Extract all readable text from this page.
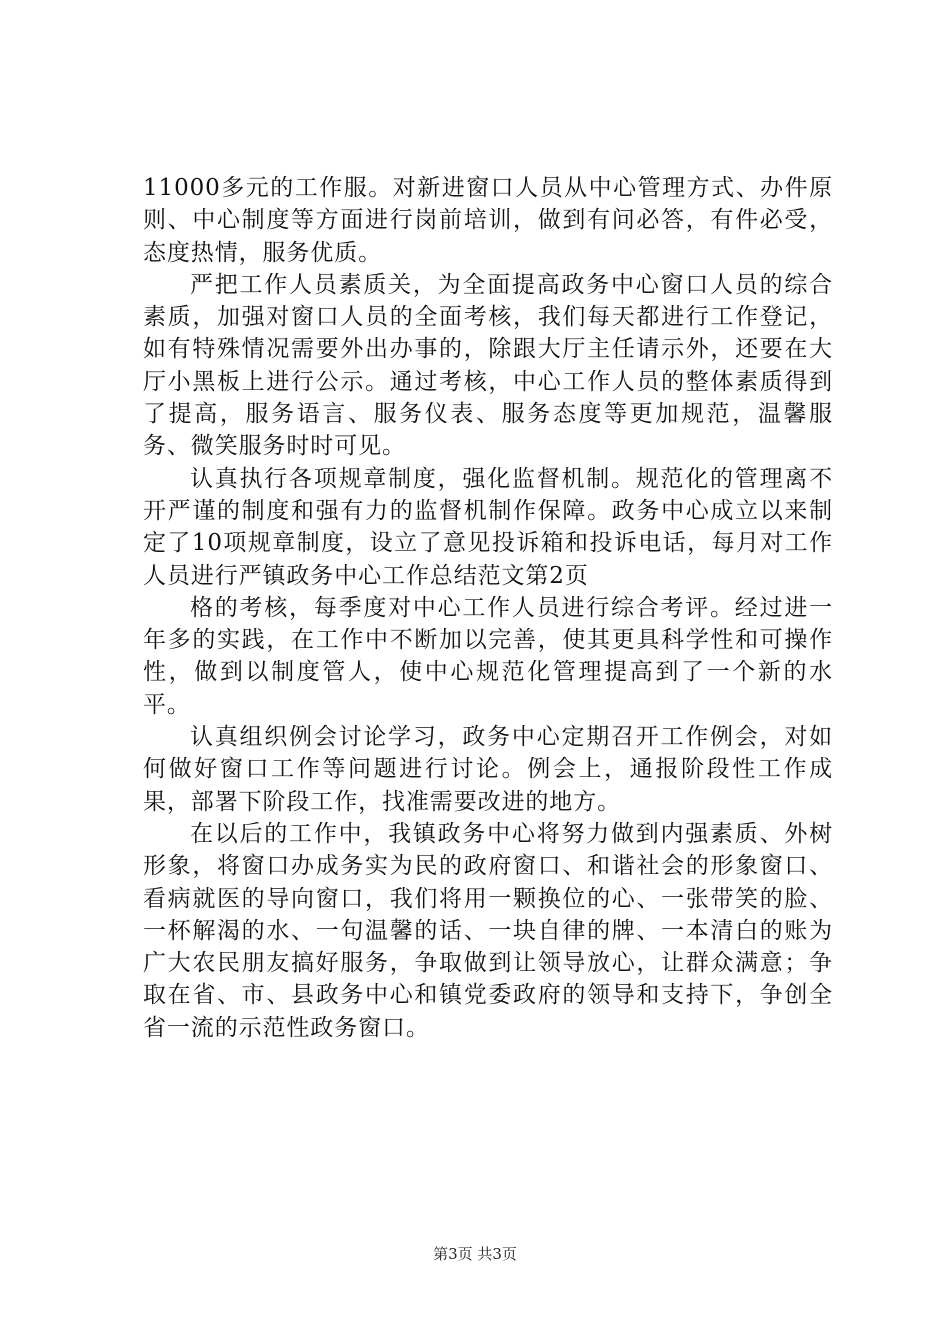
11000多元的工作服。对新进窗口人员从中心管理方式、办件原则、中心制度等方面进行岗前培训，做到有问必答，有件必受，态度热情，服务优质。

严把工作人员素质关，为全面提高政务中心窗口人员的综合素质，加强对窗口人员的全面考核，我们每天都进行工作登记，如有特殊情况需要外出办事的，除跟大厅主任请示外，还要在大厅小黑板上进行公示。通过考核，中心工作人员的整体素质得到了提高，服务语言、服务仪表、服务态度等更加规范，温馨服务、微笑服务时时可见。

认真执行各项规章制度，强化监督机制。规范化的管理离不开严谨的制度和强有力的监督机制作保障。政务中心成立以来制定了10项规章制度，设立了意见投诉箱和投诉电话，每月对工作人员进行严镇政务中心工作总结范文第2页

格的考核，每季度对中心工作人员进行综合考评。经过进一年多的实践，在工作中不断加以完善，使其更具科学性和可操作性，做到以制度管人，使中心规范化管理提高到了一个新的水平。

认真组织例会讨论学习，政务中心定期召开工作例会，对如何做好窗口工作等问题进行讨论。例会上，通报阶段性工作成果，部署下阶段工作，找准需要改进的地方。

在以后的工作中，我镇政务中心将努力做到内强素质、外树形象，将窗口办成务实为民的政府窗口、和谐社会的形象窗口、看病就医的导向窗口，我们将用一颗换位的心、一张带笑的脸、一杯解渴的水、一句温馨的话、一块自律的牌、一本清白的账为广大农民朋友搞好服务，争取做到让领导放心，让群众满意；争取在省、市、县政务中心和镇党委政府的领导和支持下，争创全省一流的示范性政务窗口。

第3页 共3页
